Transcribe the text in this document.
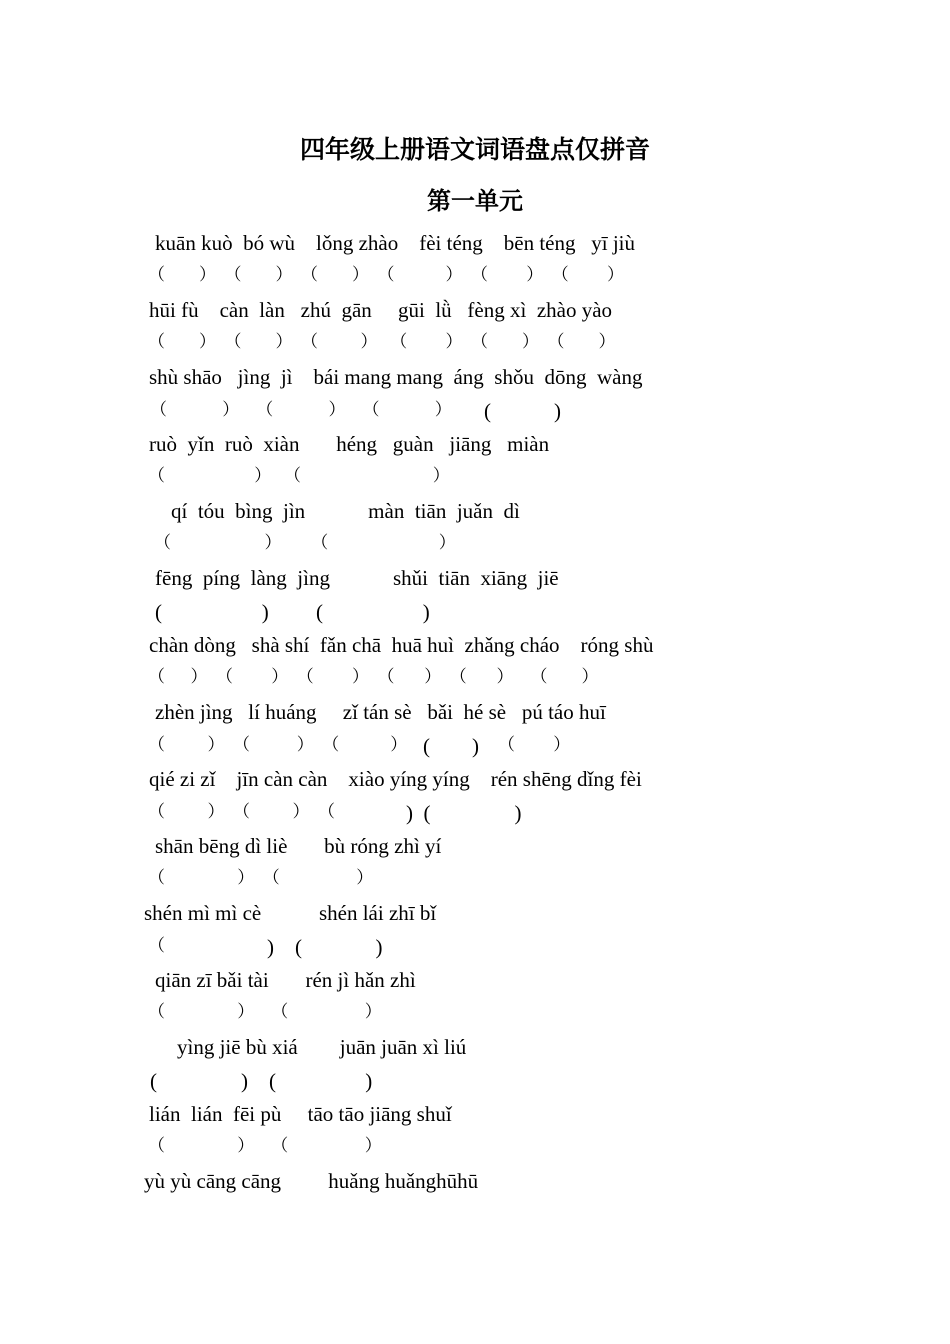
四年级上册语文词语盘点仅拼音
第一单元
kuān kuò  bó wù    lǒng zhào    fèi téng    bēn téng   yī jiù
（        ）  （        ）  （        ）  （            ）  （         ）  （         ）
hūi fù    càn  làn   zhú  gān     gūi  lǜ   fèng xì  zhào yào
（        ）  （        ）  （          ）   （         ）  （        ）  （        ）
shù shāo   jìng  jì    bái mang mang  áng  shǒu  dōng  wàng
（             ）    （             ）    （             ） (            )
ruò  yǐn  ruò  xiàn       héng   guàn   jiāng   miàn
（                     ）   （                               ）
qí  tóu  bìng  jìn            màn  tiān  juǎn  dì
（                      ）       （                          ）
fēng  píng  làng  jìng            shǔi  tiān  xiāng  jiē
(                   )         (                   )
chàn dòng   shà shí  fǎn chā  huā huì  zhǎng cháo    róng shù
（      ）  （         ）  （         ）  （       ）  （       ）    （        ）
zhèn jìng   lí huáng     zǐ tán sè   bǎi  hé sè   pú táo huī
（          ）  （           ）  （            ） (        ) （         ）
qié zi zǐ    jīn càn càn    xiào yíng yíng    rén shēng dǐng fèi
（          ）  （          ）  （ )  (                )
shān bēng dì liè       bù róng zhì yí
（                 ）  （                  ）
shén mì mì cè           shén lái zhī bǐ
（ )    (              )
qiān zī bǎi tài       rén jì hǎn zhì
（                 ）    （                  ）
yìng jiē bù xiá        juān juān xì liú
(                )    (                 )
lián  lián  fēi pù     tāo tāo jiāng shuǐ
（                 ）    （                  ）
yù yù cāng cāng         huǎng huǎnghūhū
